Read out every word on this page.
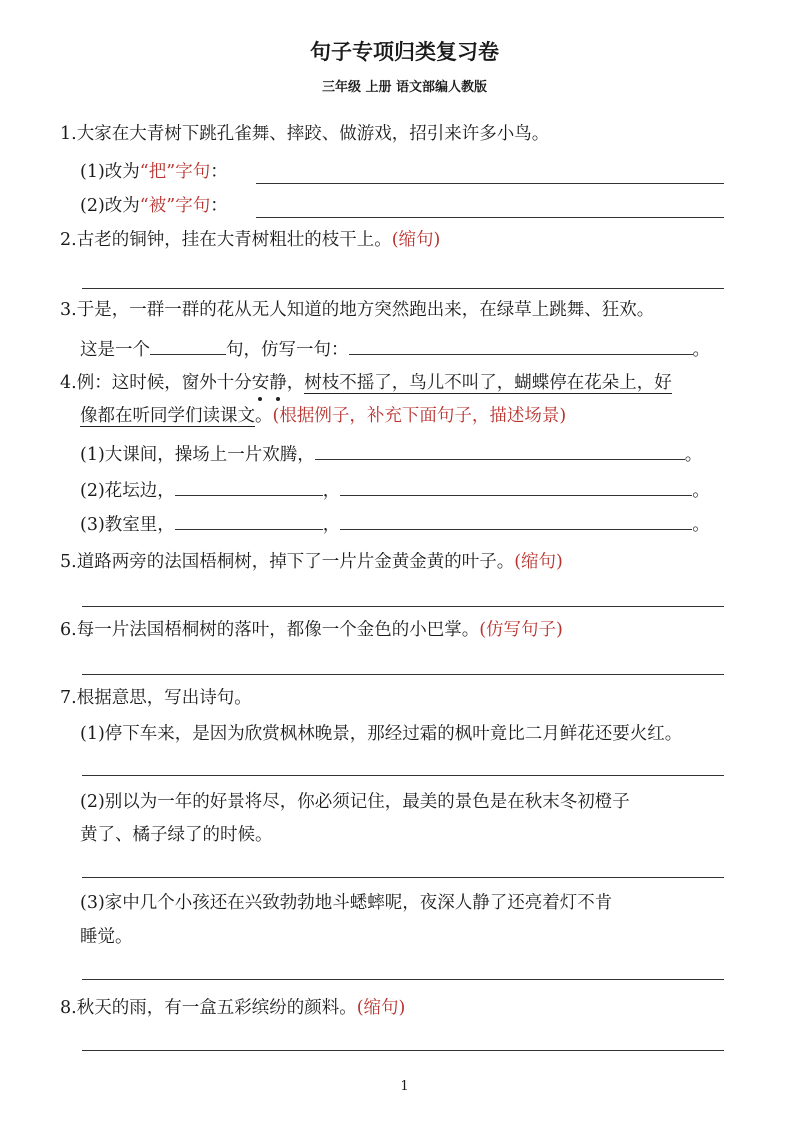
句子专项归类复习卷
三年级 上册 语文部编人教版
1.大家在大青树下跳孔雀舞、摔跤、做游戏，招引来许多小鸟。
(1)改为“把”字句：
(2)改为“被”字句：
2.古老的铜钟，挂在大青树粗壮的枝干上。(缩句)
3.于是，一群一群的花从无人知道的地方突然跑出来，在绿草上跳舞、狂欢。
这是一个	句，仿写一句：	。
4.例：这时候，窗外十分安静，树枝不摇了，鸟儿不叫了，蝴蝶停在花朵上，好
像都在听同学们读课文。(根据例子，补充下面句子，描述场景)
(1)大课间，操场上一片欢腾，	。
(2)花坛边，	，	。
(3)教室里，	，	。
5.道路两旁的法国梧桐树，掉下了一片片金黄金黄的叶子。(缩句)
6.每一片法国梧桐树的落叶，都像一个金色的小巴掌。(仿写句子)
7.根据意思，写出诗句。
(1)停下车来，是因为欣赏枫林晚景，那经过霜的枫叶竟比二月鲜花还要火红。
(2)别以为一年的好景将尽，你必须记住，最美的景色是在秋末冬初橙子
黄了、橘子绿了的时候。
(3)家中几个小孩还在兴致勃勃地斗蟋蟀呢，夜深人静了还亮着灯不肯
睡觉。
8.秋天的雨，有一盒五彩缤纷的颜料。(缩句)
1
